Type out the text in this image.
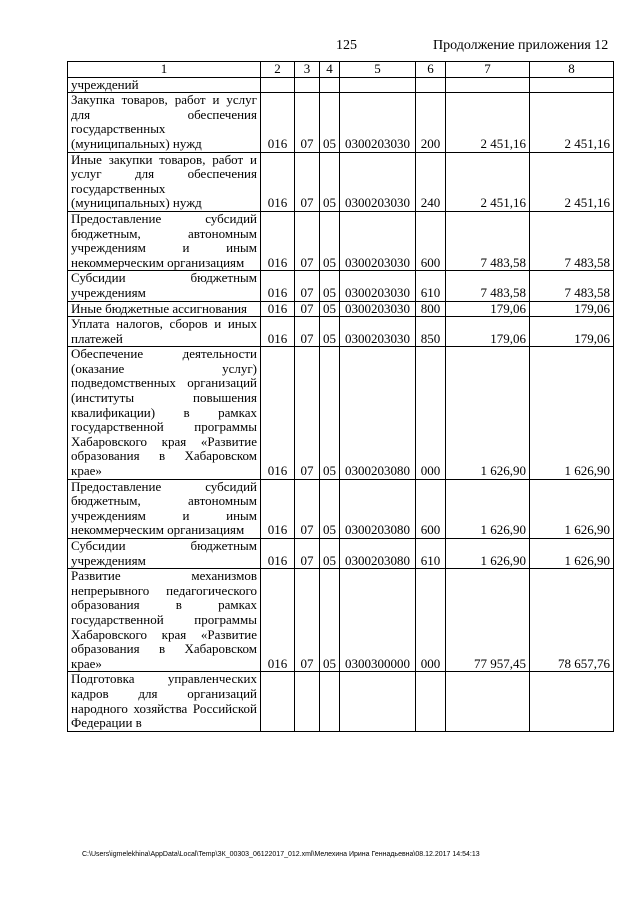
125	Продолжение приложения 12
1	2	3	4	5	6	7	8
учреждений							
Закупка товаров, работ и услуг для обеспечения государственных (муниципальных) нужд	016	07	05	0300203030	200	2 451,16	2 451,16
Иные закупки товаров, работ и услуг для обеспечения государственных (муниципальных) нужд	016	07	05	0300203030	240	2 451,16	2 451,16
Предоставление субсидий бюджетным, автономным учреждениям и иным некоммерческим организациям	016	07	05	0300203030	600	7 483,58	7 483,58
Субсидии бюджетным учреждениям	016	07	05	0300203030	610	7 483,58	7 483,58
Иные бюджетные ассигнования	016	07	05	0300203030	800	179,06	179,06
Уплата налогов, сборов и иных платежей	016	07	05	0300203030	850	179,06	179,06
Обеспечение деятельности (оказание услуг) подведомственных организаций (институты повышения квалификации) в рамках государственной программы Хабаровского края «Развитие образования в Хабаровском крае»	016	07	05	0300203080	000	1 626,90	1 626,90
Предоставление субсидий бюджетным, автономным учреждениям и иным некоммерческим организациям	016	07	05	0300203080	600	1 626,90	1 626,90
Субсидии бюджетным учреждениям	016	07	05	0300203080	610	1 626,90	1 626,90
Развитие механизмов непрерывного педагогического образования в рамках государственной программы Хабаровского края «Развитие образования в Хабаровском крае»	016	07	05	0300300000	000	77 957,45	78 657,76
Подготовка управленческих кадров для организаций народного хозяйства Российской Федерации в							
C:\Users\igmelekhina\AppData\Local\Temp\ЗК_00303_06122017_012.xml\Мелехина Ирина Геннадьевна\08.12.2017 14:54:13
